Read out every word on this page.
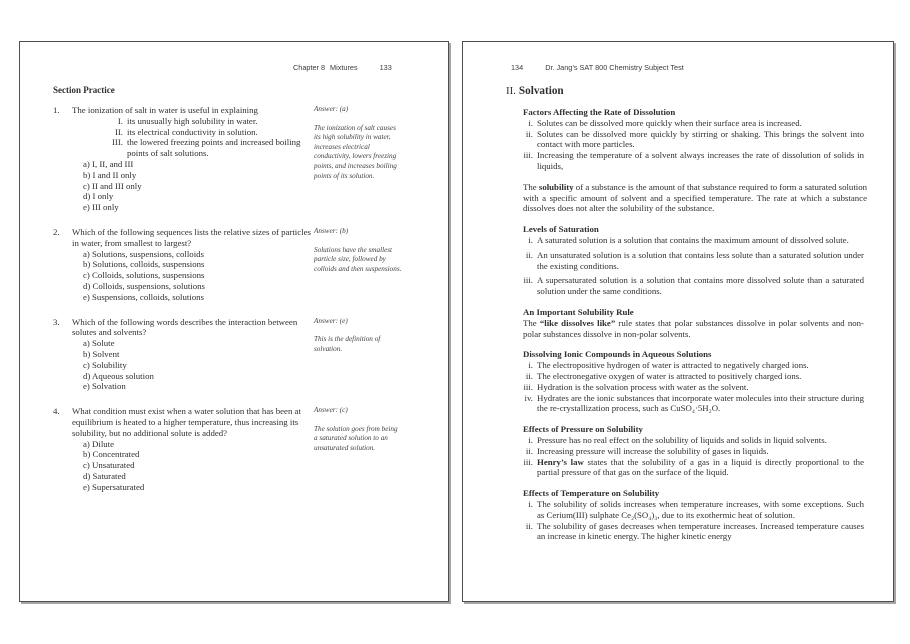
Chapter 8 Mixtures	133
Section Practice
1.	The ionization of salt in water is useful in explaining
I. its unusually high solubility in water.
II. its electrical conductivity in solution.
III. the lowered freezing points and increased boiling points of salt solutions.
a) I, II, and III
b) I and II only
c) II and III only
d) I only
e) III only
Answer: (a)
The ionization of salt causes its high solubility in water, increases electrical conductivity, lowers freezing points, and increases boiling points of its solution.
2.	Which of the following sequences lists the relative sizes of particles in water, from smallest to largest?
a) Solutions, suspensions, colloids
b) Solutions, colloids, suspensions
c) Colloids, solutions, suspensions
d) Colloids, suspensions, solutions
e) Suspensions, colloids, solutions
Answer: (b)
Solutions have the smallest particle size, followed by colloids and then suspensions.
3.	Which of the following words describes the interaction between solutes and solvents?
a) Solute
b) Solvent
c) Solubility
d) Aqueous solution
e) Solvation
Answer: (e)
This is the definition of solvation.
4.	What condition must exist when a water solution that has been at equilibrium is heated to a higher temperature, thus increasing its solubility, but no additional solute is added?
a) Dilute
b) Concentrated
c) Unsaturated
d) Saturated
e) Supersaturated
Answer: (c)
The solution goes from being a saturated solution to an unsaturated solution.
134	Dr. Jang’s SAT 800 Chemistry Subject Test
II. Solvation
Factors Affecting the Rate of Dissolution
i. Solutes can be dissolved more quickly when their surface area is increased.
ii. Solutes can be dissolved more quickly by stirring or shaking. This brings the solvent into contact with more particles.
iii. Increasing the temperature of a solvent always increases the rate of dissolution of solids in liquids,
The solubility of a substance is the amount of that substance required to form a saturated solution with a specific amount of solvent and a specified temperature. The rate at which a substance dissolves does not alter the solubility of the substance.
Levels of Saturation
i. A saturated solution is a solution that contains the maximum amount of dissolved solute.
ii. An unsaturated solution is a solution that contains less solute than a saturated solution under the existing conditions.
iii. A supersaturated solution is a solution that contains more dissolved solute than a saturated solution under the same conditions.
An Important Solubility Rule
The “like dissolves like” rule states that polar substances dissolve in polar solvents and non-polar substances dissolve in non-polar solvents.
Dissolving Ionic Compounds in Aqueous Solutions
i. The electropositive hydrogen of water is attracted to negatively charged ions.
ii. The electronegative oxygen of water is attracted to positively charged ions.
iii. Hydration is the solvation process with water as the solvent.
iv. Hydrates are the ionic substances that incorporate water molecules into their structure during the re-crystallization process, such as CuSO₄·5H₂O.
Effects of Pressure on Solubility
i. Pressure has no real effect on the solubility of liquids and solids in liquid solvents.
ii. Increasing pressure will increase the solubility of gases in liquids.
iii. Henry’s law states that the solubility of a gas in a liquid is directly proportional to the partial pressure of that gas on the surface of the liquid.
Effects of Temperature on Solubility
i. The solubility of solids increases when temperature increases, with some exceptions. Such as Cerium(III) sulphate Ce₂(SO₄)₃, due to its exothermic heat of solution.
ii. The solubility of gases decreases when temperature increases. Increased temperature causes an increase in kinetic energy. The higher kinetic energy
